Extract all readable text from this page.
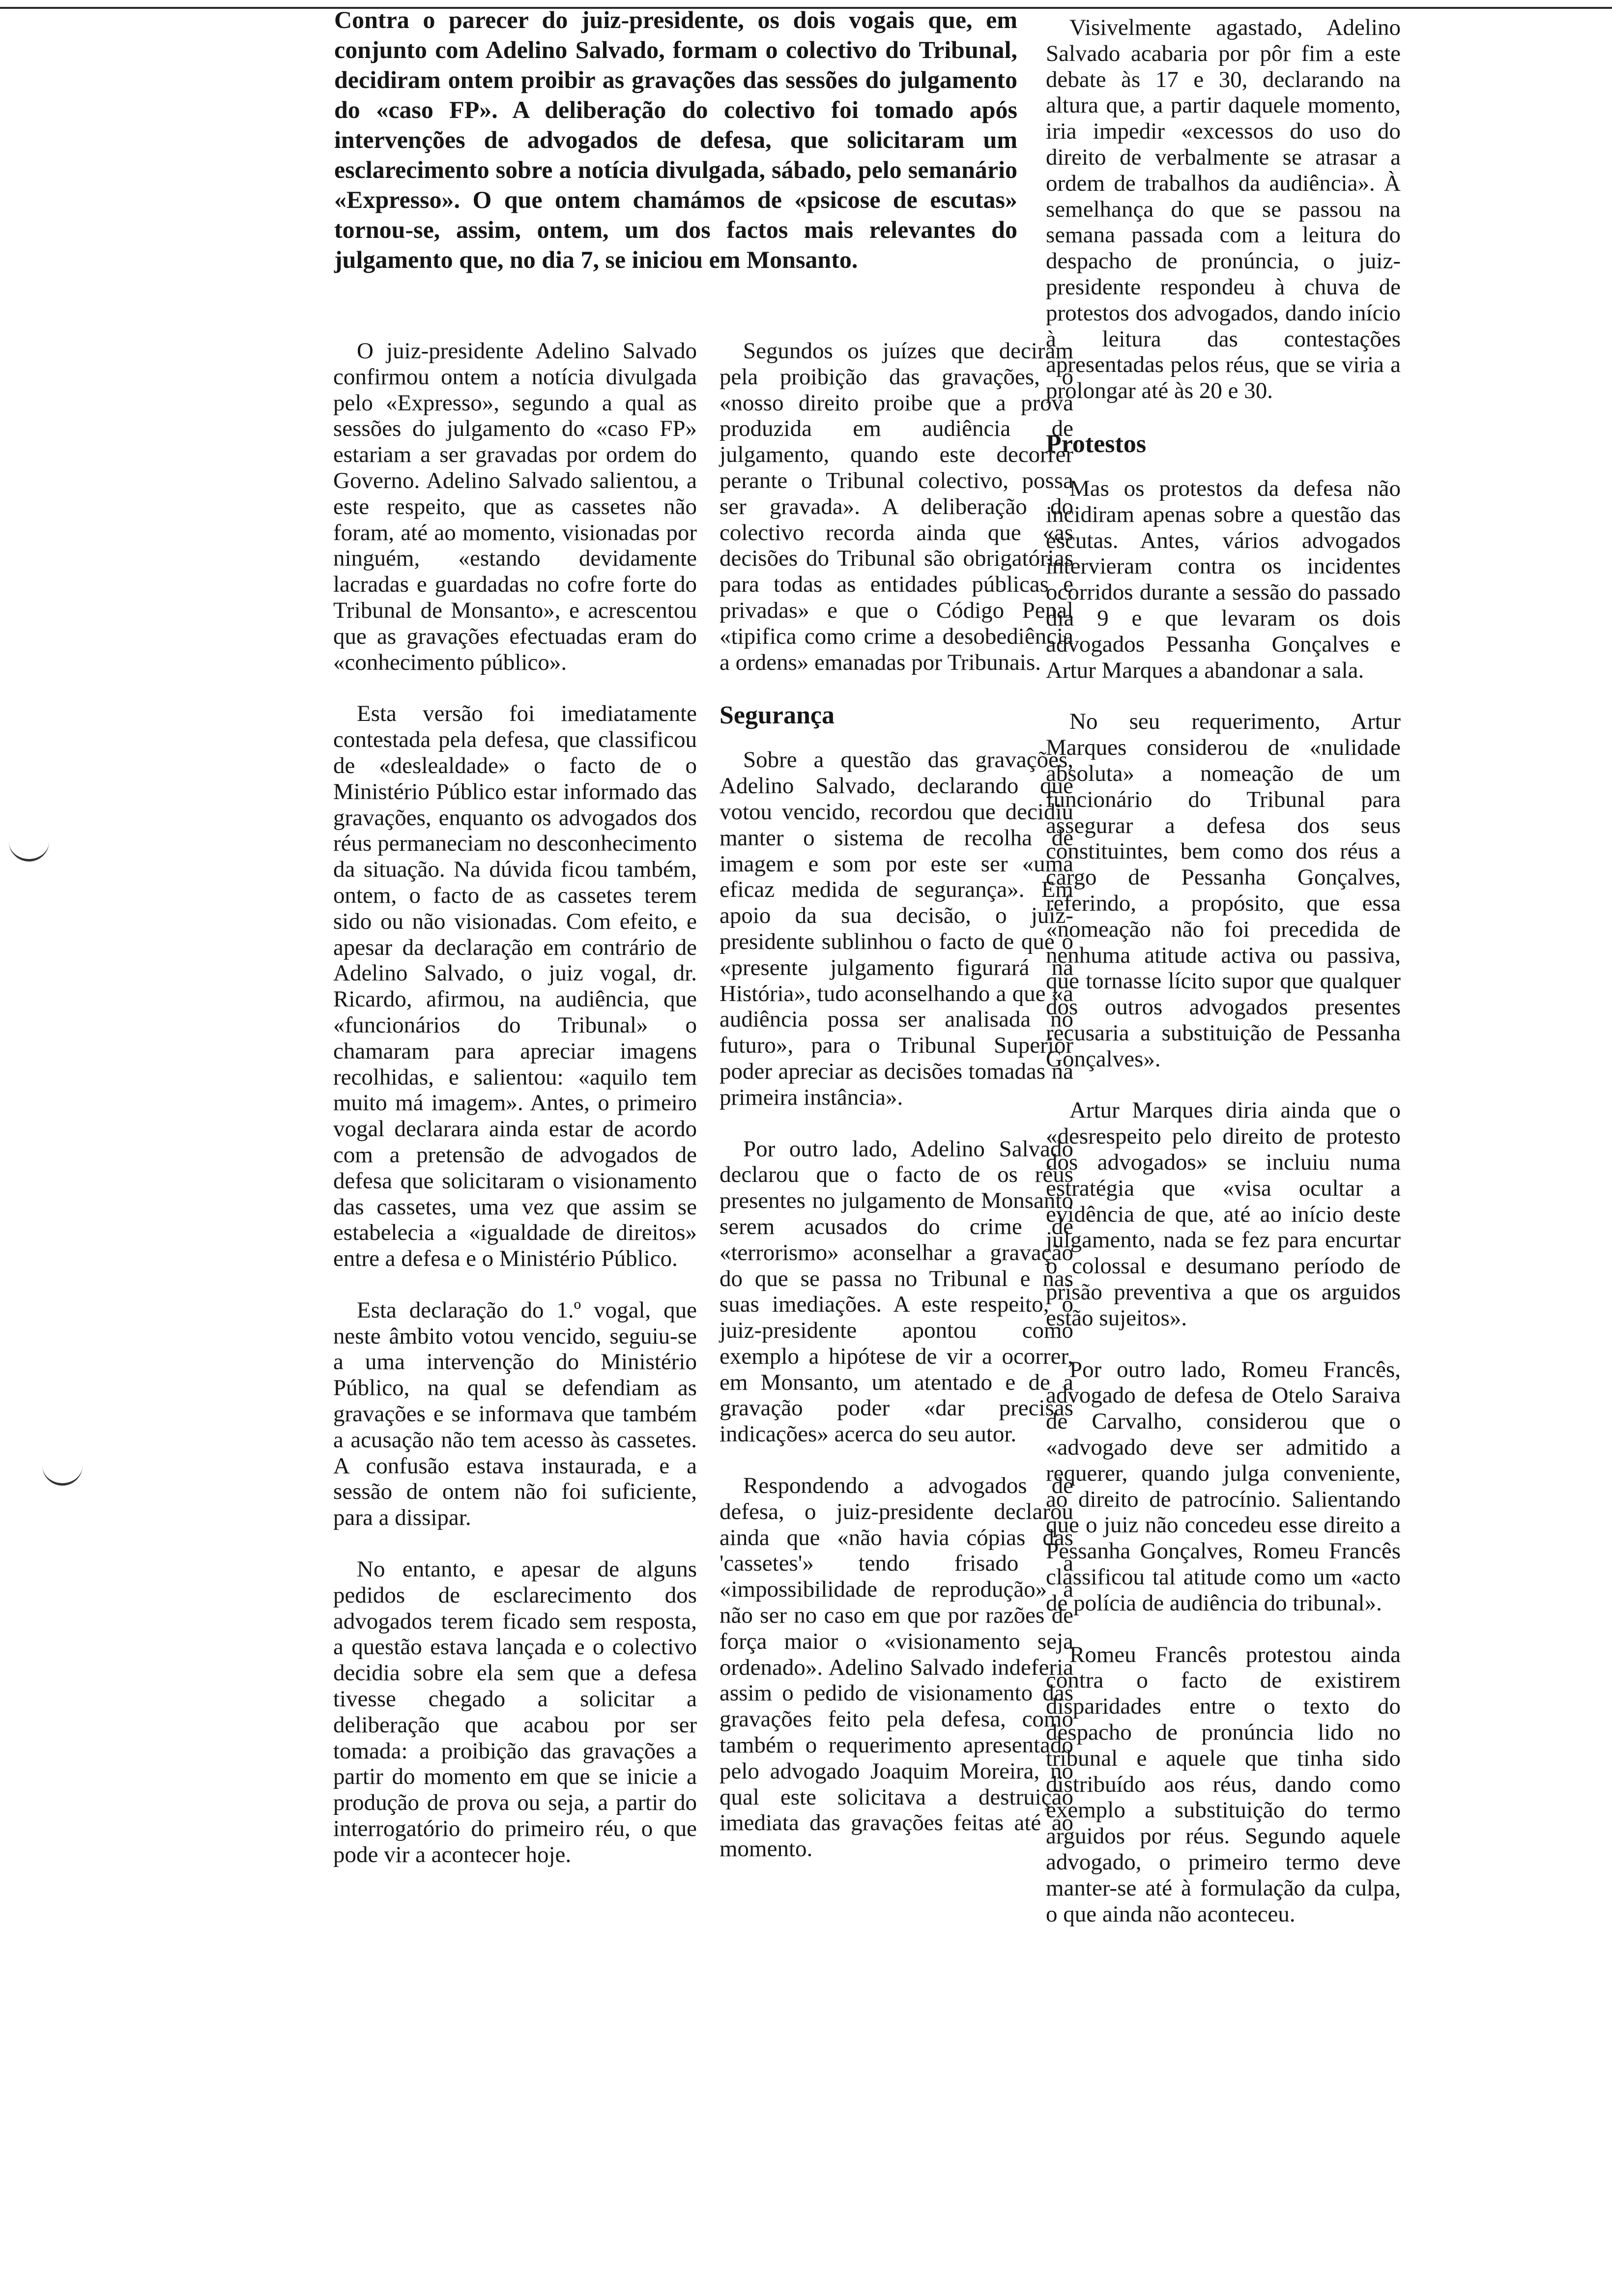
Contra o parecer do juiz-presidente, os dois vogais que, em conjunto com Adelino Salvado, formam o colectivo do Tribunal, decidiram ontem proibir as gravações das sessões do julgamento do «caso FP». A deliberação do colectivo foi tomado após intervenções de advogados de defesa, que solicitaram um esclarecimento sobre a notícia divulgada, sábado, pelo semanário «Expresso». O que ontem chamámos de «psicose de escutas» tornou-se, assim, ontem, um dos factos mais relevantes do julgamento que, no dia 7, se iniciou em Monsanto.

O juiz-presidente Adelino Salvado confirmou ontem a notícia divulgada pelo «Expresso», segundo a qual as sessões do julgamento do «caso FP» estariam a ser gravadas por ordem do Governo. Adelino Salvado salientou, a este respeito, que as cassetes não foram, até ao momento, visionadas por ninguém, «estando devidamente lacradas e guardadas no cofre forte do Tribunal de Monsanto», e acrescentou que as gravações efectuadas eram do «conhecimento público».

Esta versão foi imediatamente contestada pela defesa, que classificou de «deslealdade» o facto de o Ministério Público estar informado das gravações, enquanto os advogados dos réus permaneciam no desconhecimento da situação. Na dúvida ficou também, ontem, o facto de as cassetes terem sido ou não visionadas. Com efeito, e apesar da declaração em contrário de Adelino Salvado, o juiz vogal, dr. Ricardo, afirmou, na audiência, que «funcionários do Tribunal» o chamaram para apreciar imagens recolhidas, e salientou: «aquilo tem muito má imagem». Antes, o primeiro vogal declarara ainda estar de acordo com a pretensão de advogados de defesa que solicitaram o visionamento das cassetes, uma vez que assim se estabelecia a «igualdade de direitos» entre a defesa e o Ministério Público.

Esta declaração do 1.º vogal, que neste âmbito votou vencido, seguiu-se a uma intervenção do Ministério Público, na qual se defendiam as gravações e se informava que também a acusação não tem acesso às cassetes. A confusão estava instaurada, e a sessão de ontem não foi suficiente, para a dissipar.

No entanto, e apesar de alguns pedidos de esclarecimento dos advogados terem ficado sem resposta, a questão estava lançada e o colectivo decidia sobre ela sem que a defesa tivesse chegado a solicitar a deliberação que acabou por ser tomada: a proibição das gravações a partir do momento em que se inicie a produção de prova ou seja, a partir do interrogatório do primeiro réu, o que pode vir a acontecer hoje.

Segundos os juízes que deciram pela proibição das gravações, o «nosso direito proibe que a prova produzida em audiência de julgamento, quando este decorrer perante o Tribunal colectivo, possa ser gravada». A deliberação do colectivo recorda ainda que «as decisões do Tribunal são obrigatórias para todas as entidades públicas e privadas» e que o Código Penal «tipifica como crime a desobediência a ordens» emanadas por Tribunais.

Segurança

Sobre a questão das gravações, Adelino Salvado, declarando que votou vencido, recordou que decidiu manter o sistema de recolha de imagem e som por este ser «uma eficaz medida de segurança». Em apoio da sua decisão, o juiz-presidente sublinhou o facto de que o «presente julgamento figurará na História», tudo aconselhando a que «a audiência possa ser analisada no futuro», para o Tribunal Superior poder apreciar as decisões tomadas na primeira instância».

Por outro lado, Adelino Salvado declarou que o facto de os réus presentes no julgamento de Monsanto serem acusados do crime de «terrorismo» aconselhar a gravação do que se passa no Tribunal e nas suas imediações. A este respeito, o juiz-presidente apontou como exemplo a hipótese de vir a ocorrer, em Monsanto, um atentado e de a gravação poder «dar precisas indicações» acerca do seu autor.

Respondendo a advogados de defesa, o juiz-presidente declarou ainda que «não havia cópias das 'cassetes'» tendo frisado a «impossibilidade de reprodução» a não ser no caso em que por razões de força maior o «visionamento seja ordenado». Adelino Salvado indeferia assim o pedido de visionamento das gravações feito pela defesa, como também o requerimento apresentado pelo advogado Joaquim Moreira, no qual este solicitava a destruição imediata das gravações feitas até ao momento.

Visivelmente agastado, Adelino Salvado acabaria por pôr fim a este debate às 17 e 30, declarando na altura que, a partir daquele momento, iria impedir «excessos do uso do direito de verbalmente se atrasar a ordem de trabalhos da audiência». À semelhança do que se passou na semana passada com a leitura do despacho de pronúncia, o juiz-presidente respondeu à chuva de protestos dos advogados, dando início à leitura das contestações apresentadas pelos réus, que se viria a prolongar até às 20 e 30.

Protestos

Mas os protestos da defesa não incidiram apenas sobre a questão das escutas. Antes, vários advogados intervieram contra os incidentes ocorridos durante a sessão do passado dia 9 e que levaram os dois advogados Pessanha Gonçalves e Artur Marques a abandonar a sala.

No seu requerimento, Artur Marques considerou de «nulidade absoluta» a nomeação de um funcionário do Tribunal para assegurar a defesa dos seus constituintes, bem como dos réus a cargo de Pessanha Gonçalves, referindo, a propósito, que essa «nomeação não foi precedida de nenhuma atitude activa ou passiva, que tornasse lícito supor que qualquer dos outros advogados presentes recusaria a substituição de Pessanha Gonçalves».

Artur Marques diria ainda que o «desrespeito pelo direito de protesto dos advogados» se incluiu numa estratégia que «visa ocultar a evidência de que, até ao início deste julgamento, nada se fez para encurtar o colossal e desumano período de prisão preventiva a que os arguidos estão sujeitos».

Por outro lado, Romeu Francês, advogado de defesa de Otelo Saraiva de Carvalho, considerou que o «advogado deve ser admitido a requerer, quando julga conveniente, ao direito de patrocínio. Salientando que o juiz não concedeu esse direito a Pessanha Gonçalves, Romeu Francês classificou tal atitude como um «acto de polícia de audiência do tribunal».

Romeu Francês protestou ainda contra o facto de existirem disparidades entre o texto do despacho de pronúncia lido no tribunal e aquele que tinha sido distribuído aos réus, dando como exemplo a substituição do termo arguidos por réus. Segundo aquele advogado, o primeiro termo deve manter-se até à formulação da culpa, o que ainda não aconteceu.
